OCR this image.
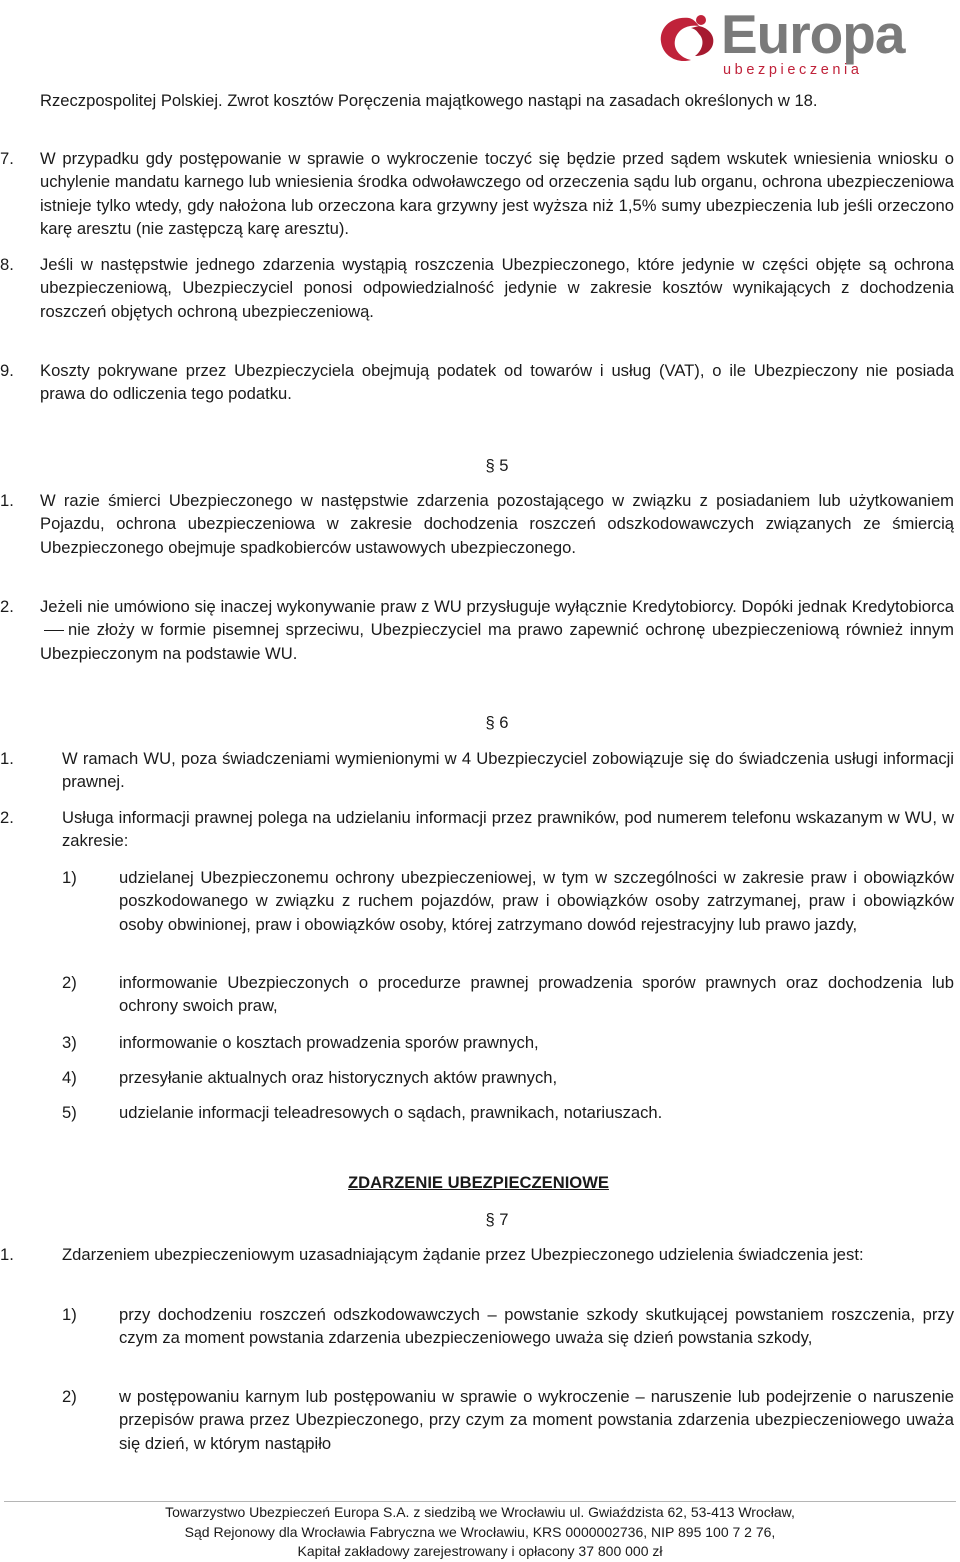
Europa
ubezpieczenia
Rzeczpospolitej Polskiej. Zwrot kosztów Poręczenia majątkowego nastąpi na zasadach określonych w 18.
7.	W przypadku gdy postępowanie w sprawie o wykroczenie toczyć się będzie przed sądem wskutek wniesienia wniosku o uchylenie mandatu karnego lub wniesienia środka odwoławczego od orzeczenia sądu lub organu, ochrona ubezpieczeniowa istnieje tylko wtedy, gdy nałożona lub orzeczona kara grzywny jest wyższa niż 1,5% sumy ubezpieczenia lub jeśli orzeczono karę aresztu (nie zastępczą karę aresztu).
8.	Jeśli w następstwie jednego zdarzenia wystąpią roszczenia Ubezpieczonego, które jedynie w części objęte są ochrona ubezpieczeniową, Ubezpieczyciel ponosi odpowiedzialność jedynie w zakresie kosztów wynikających z dochodzenia roszczeń objętych ochroną ubezpieczeniową.
9.	Koszty pokrywane przez Ubezpieczyciela obejmują podatek od towarów i usług (VAT), o ile Ubezpieczony nie posiada prawa do odliczenia tego podatku.
§ 5
1.	W razie śmierci Ubezpieczonego w następstwie zdarzenia pozostającego w związku z posiadaniem lub użytkowaniem Pojazdu, ochrona ubezpieczeniowa w zakresie dochodzenia roszczeń odszkodowawczych związanych ze śmiercią Ubezpieczonego obejmuje spadkobierców ustawowych ubezpieczonego.
2.	Jeżeli nie umówiono się inaczej wykonywanie praw z WU przysługuje wyłącznie Kredytobiorcy. Dopóki jednak Kredytobiorca nie złoży w formie pisemnej sprzeciwu, Ubezpieczyciel ma prawo zapewnić ochronę ubezpieczeniową również innym Ubezpieczonym na podstawie WU.
§ 6
1.	W ramach WU, poza świadczeniami wymienionymi w 4 Ubezpieczyciel zobowiązuje się do świadczenia usługi informacji prawnej.
2.	Usługa informacji prawnej polega na udzielaniu informacji przez prawników, pod numerem telefonu wskazanym w WU, w zakresie:
1)	udzielanej Ubezpieczonemu ochrony ubezpieczeniowej, w tym w szczególności w zakresie praw i obowiązków poszkodowanego w związku z ruchem pojazdów, praw i obowiązków osoby zatrzymanej, praw i obowiązków osoby obwinionej, praw i obowiązków osoby, której zatrzymano dowód rejestracyjny lub prawo jazdy,
2)	informowanie Ubezpieczonych o procedurze prawnej prowadzenia sporów prawnych oraz dochodzenia lub ochrony swoich praw,
3)	informowanie o kosztach prowadzenia sporów prawnych,
4)	przesyłanie aktualnych oraz historycznych aktów prawnych,
5)	udzielanie informacji teleadresowych o sądach, prawnikach, notariuszach.
ZDARZENIE UBEZPIECZENIOWE
§ 7
1.	Zdarzeniem ubezpieczeniowym uzasadniającym żądanie przez Ubezpieczonego udzielenia świadczenia jest:
1)	przy dochodzeniu roszczeń odszkodowawczych – powstanie szkody skutkującej powstaniem roszczenia, przy czym za moment powstania zdarzenia ubezpieczeniowego uważa się dzień powstania szkody,
2)	w postępowaniu karnym lub postępowaniu w sprawie o wykroczenie – naruszenie lub podejrzenie o naruszenie przepisów prawa przez Ubezpieczonego, przy czym za moment powstania zdarzenia ubezpieczeniowego uważa się dzień, w którym nastąpiło
Towarzystwo Ubezpieczeń Europa S.A. z siedzibą we Wrocławiu ul. Gwiaździsta 62, 53-413 Wrocław,
Sąd Rejonowy dla Wrocławia Fabryczna we Wrocławiu, KRS 0000002736, NIP 895 100 7 2 76,
Kapitał zakładowy zarejestrowany i opłacony 37 800 000 zł
